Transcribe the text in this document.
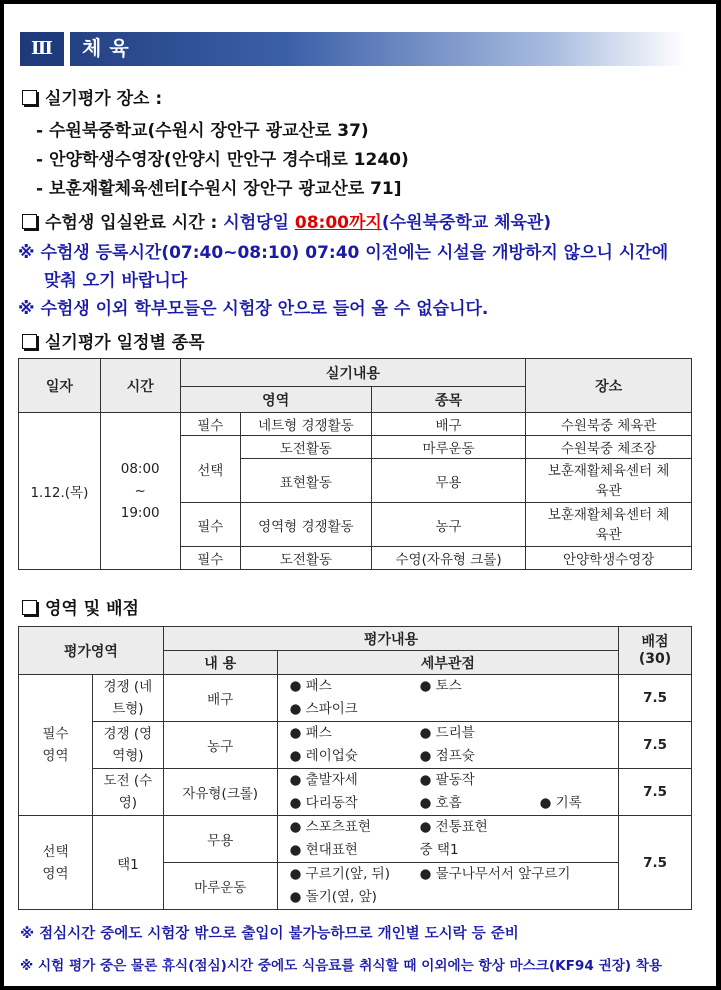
Ⅲ	체육
실기평가 장소 :
- 수원북중학교(수원시 장안구 광교산로 37)
- 안양학생수영장(안양시 만안구 경수대로 1240)
- 보훈재활체육센터[수원시 장안구 광교산로 71]
수험생 입실완료 시간 : 시험당일 08:00까지(수원북중학교 체육관)
※ 수험생 등록시간(07:40~08:10) 07:40 이전에는 시설을 개방하지 않으니 시간에
맞춰 오기 바랍니다
※ 수험생 이외 학부모들은 시험장 안으로 들어 올 수 없습니다.
실기평가 일정별 종목
일자	시간	실기내용			장소
		영역		종목	
1.12.(목)	08:00
~
19:00	필수	네트형 경쟁활동	배구	수원북중 체육관
		선택	도전활동	마루운동	수원북중 체조장
			표현활동	무용	보훈재활체육센터 체육관
		필수	영역형 경쟁활동	농구	보훈재활체육센터 체육관
		필수	도전활동	수영(자유형 크롤)	안양학생수영장
영역 및 배점
평가영역		평가내용		배점
(30)
		내 용	세부관점	
필수 영역	경쟁 (네트형)	배구	● 패스 ● 토스
● 스파이크	7.5
	경쟁 (영역형)	농구	● 패스 ● 드리블
● 레이업슛 ● 점프슛	7.5
	도전 (수영)	자유형(크롤)	● 출발자세 ● 팔동작
● 다리동작 ● 호흡 ● 기록	7.5
선택 영역	택1	무용	● 스포츠표현 ● 전통표현
● 현대표현 중 택1	7.5
		마루운동	● 구르기(앞, 뒤) ● 물구나무서서 앞구르기
● 돌기(옆, 앞)	
※ 점심시간 중에도 시험장 밖으로 출입이 불가능하므로 개인별 도시락 등 준비
※ 시험 평가 중은 물론 휴식(점심)시간 중에도 식음료를 취식할 때 이외에는 항상 마스크(KF94 권장) 착용
